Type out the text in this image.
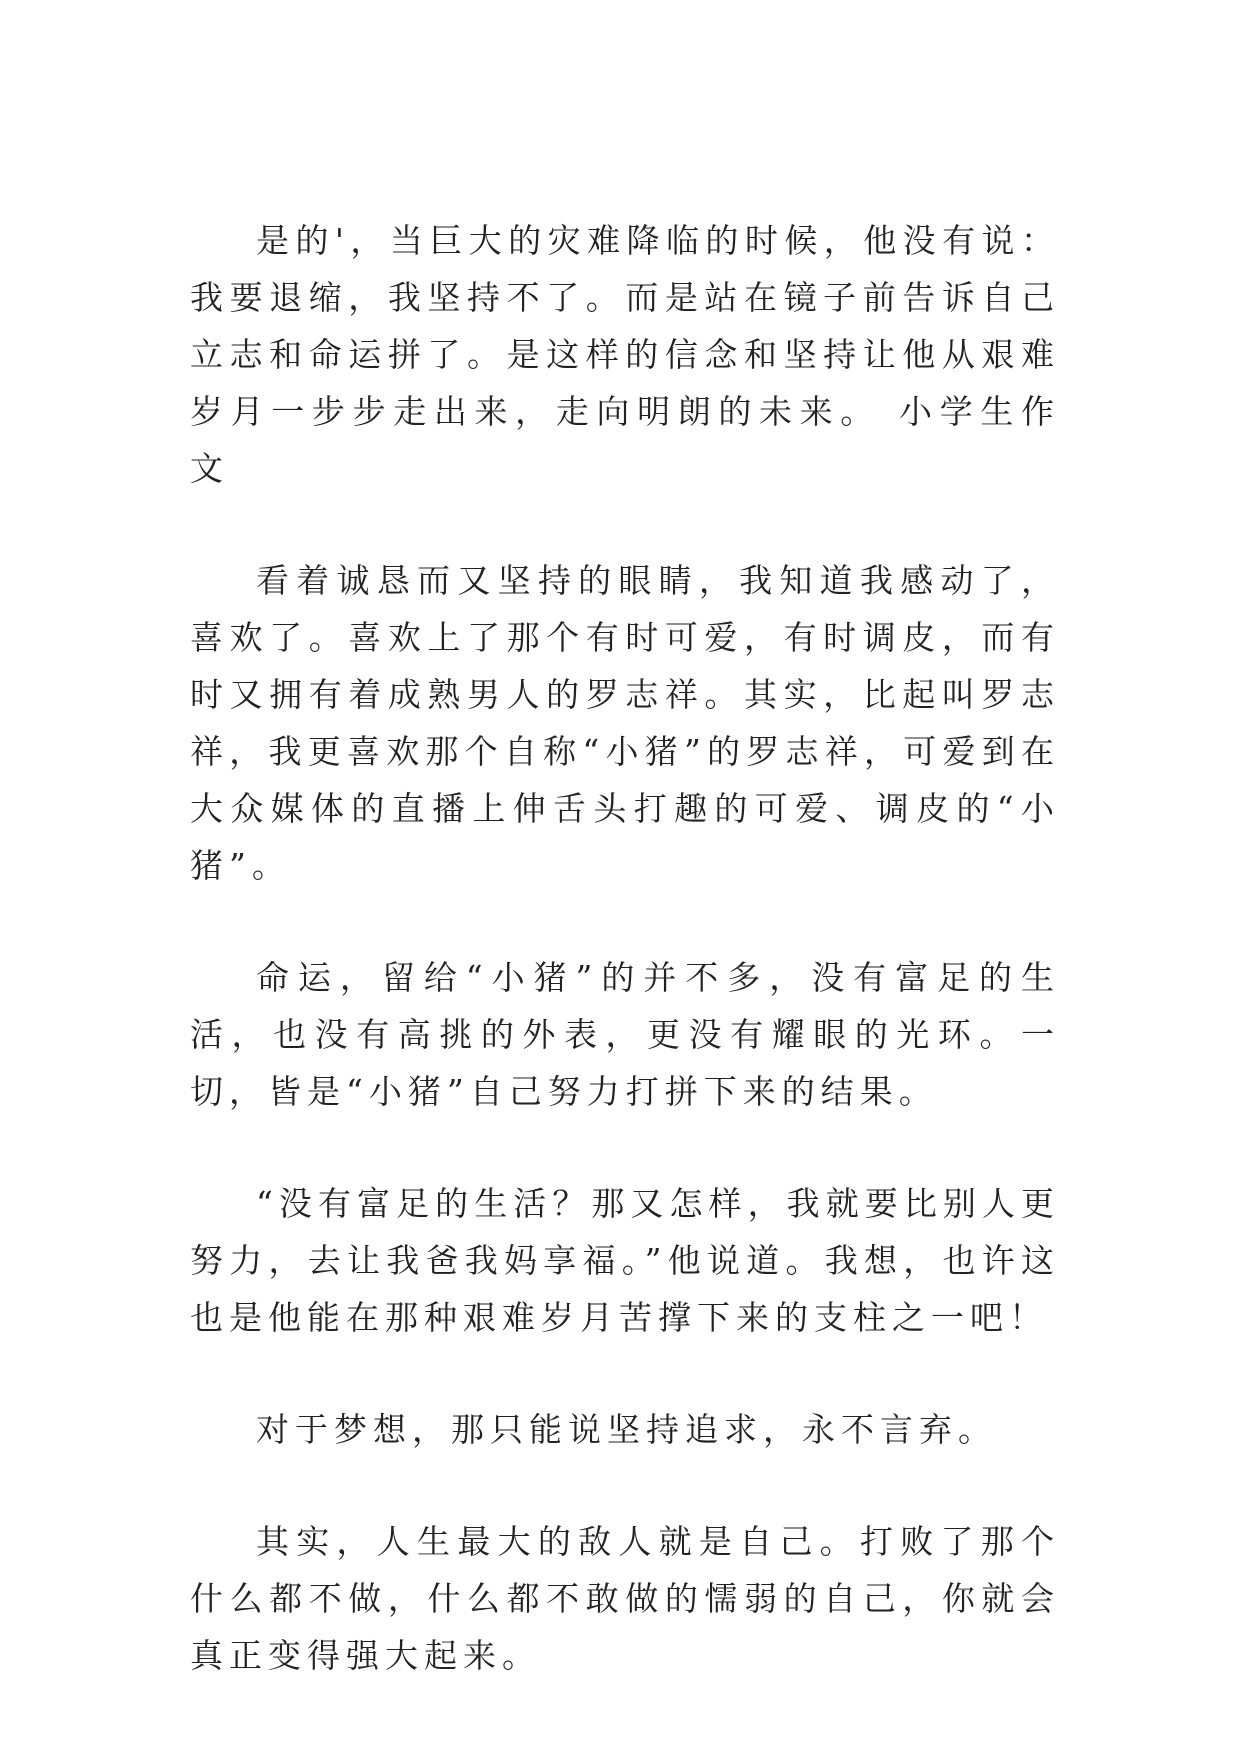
是的'，当巨大的灾难降临的时候，他没有说：我要退缩，我坚持不了。而是站在镜子前告诉自己立志和命运拼了。是这样的信念和坚持让他从艰难岁月一步步走出来，走向明朗的未来。 小学生作文

看着诚恳而又坚持的眼睛，我知道我感动了，喜欢了。喜欢上了那个有时可爱，有时调皮，而有时又拥有着成熟男人的罗志祥。其实，比起叫罗志祥，我更喜欢那个自称“小猪”的罗志祥，可爱到在大众媒体的直播上伸舌头打趣的可爱、调皮的“小猪”。

命运，留给“小猪”的并不多，没有富足的生活，也没有高挑的外表，更没有耀眼的光环。一切，皆是“小猪”自己努力打拼下来的结果。

“没有富足的生活？那又怎样，我就要比别人更努力，去让我爸我妈享福。”他说道。我想，也许这也是他能在那种艰难岁月苦撑下来的支柱之一吧！

对于梦想，那只能说坚持追求，永不言弃。

其实，人生最大的敌人就是自己。打败了那个什么都不做，什么都不敢做的懦弱的自己，你就会真正变得强大起来。
